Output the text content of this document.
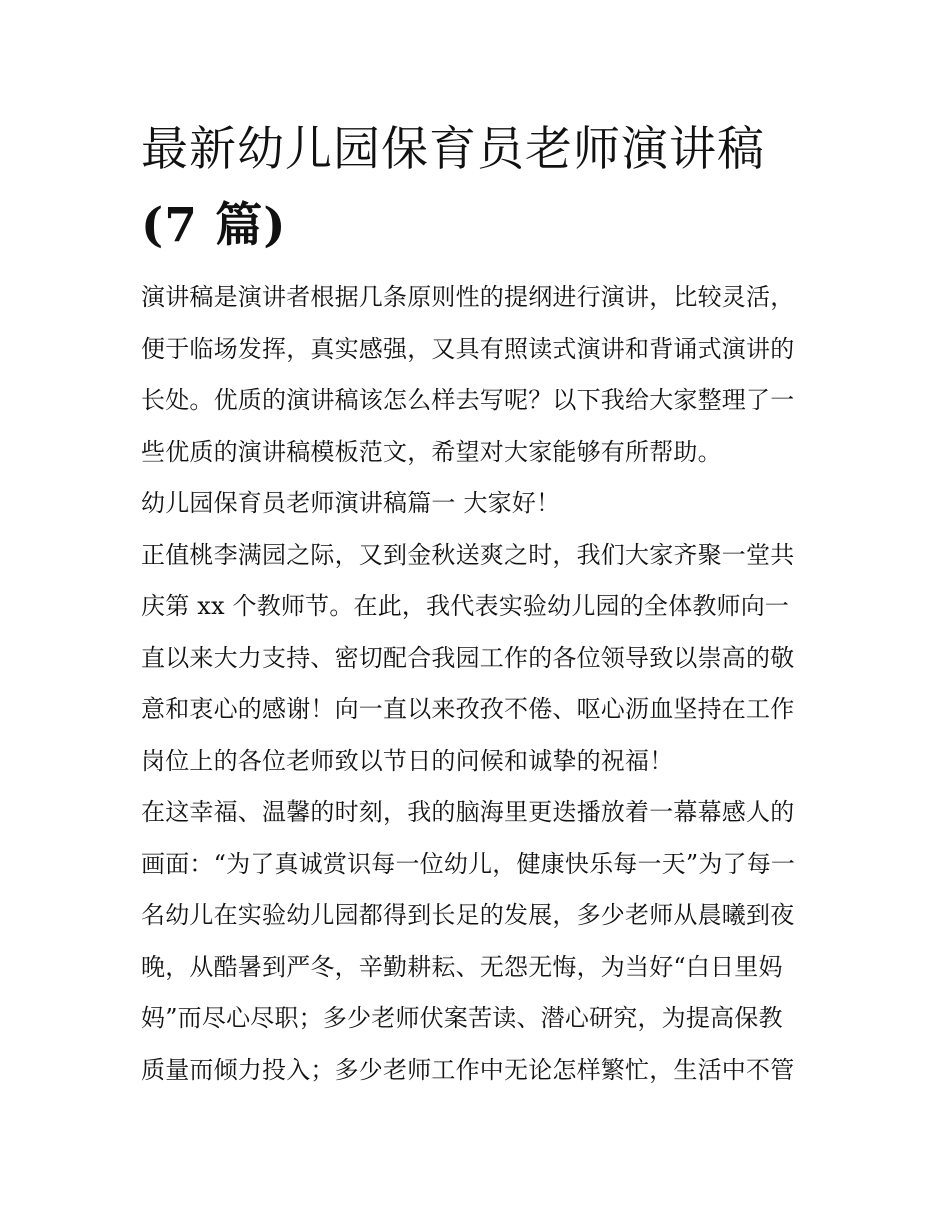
最新幼儿园保育员老师演讲稿
(7 篇)

演讲稿是演讲者根据几条原则性的提纲进行演讲，比较灵活，
便于临场发挥，真实感强，又具有照读式演讲和背诵式演讲的
长处。优质的演讲稿该怎么样去写呢？以下我给大家整理了一
些优质的演讲稿模板范文，希望对大家能够有所帮助。

幼儿园保育员老师演讲稿篇一 大家好！

正值桃李满园之际，又到金秋送爽之时，我们大家齐聚一堂共
庆第 xx 个教师节。在此，我代表实验幼儿园的全体教师向一
直以来大力支持、密切配合我园工作的各位领导致以崇高的敬
意和衷心的感谢！向一直以来孜孜不倦、呕心沥血坚持在工作
岗位上的各位老师致以节日的问候和诚挚的祝福！

在这幸福、温馨的时刻，我的脑海里更迭播放着一幕幕感人的
画面：“为了真诚赏识每一位幼儿，健康快乐每一天”为了每一
名幼儿在实验幼儿园都得到长足的发展，多少老师从晨曦到夜
晚，从酷暑到严冬，辛勤耕耘、无怨无悔，为当好“白日里妈
妈”而尽心尽职；多少老师伏案苦读、潜心研究，为提高保教
质量而倾力投入；多少老师工作中无论怎样繁忙，生活中不管
